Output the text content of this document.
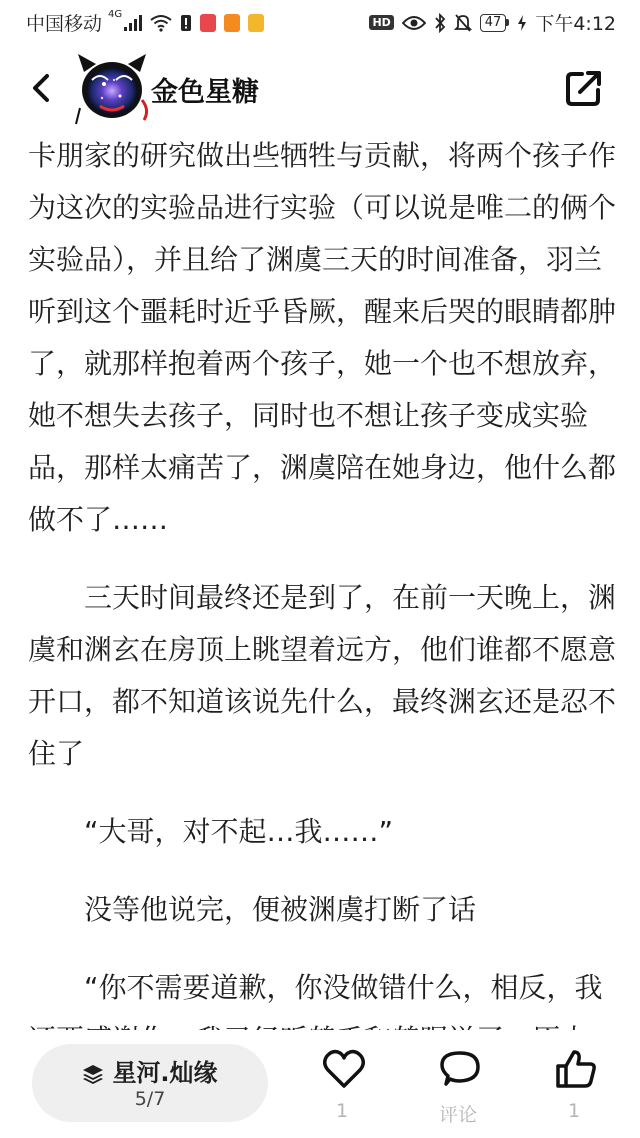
中国移动 4G
HD	47 下午4:12
金色星糖

卡朋家的研究做出些牺牲与贡献，将两个孩子作为这次的实验品进行实验（可以说是唯二的俩个实验品），并且给了渊虞三天的时间准备，羽兰听到这个噩耗时近乎昏厥，醒来后哭的眼睛都肿了，就那样抱着两个孩子，她一个也不想放弃，她不想失去孩子，同时也不想让孩子变成实验品，那样太痛苦了，渊虞陪在她身边，他什么都做不了……

三天时间最终还是到了，在前一天晚上，渊虞和渊玄在房顶上眺望着远方，他们谁都不愿意开口，都不知道该说先什么，最终渊玄还是忍不住了

“大哥，对不起…我……”

没等他说完，便被渊虞打断了话

“你不需要道歉，你没做错什么，相反，我

星河.灿缘
5/7
1	评论	1
